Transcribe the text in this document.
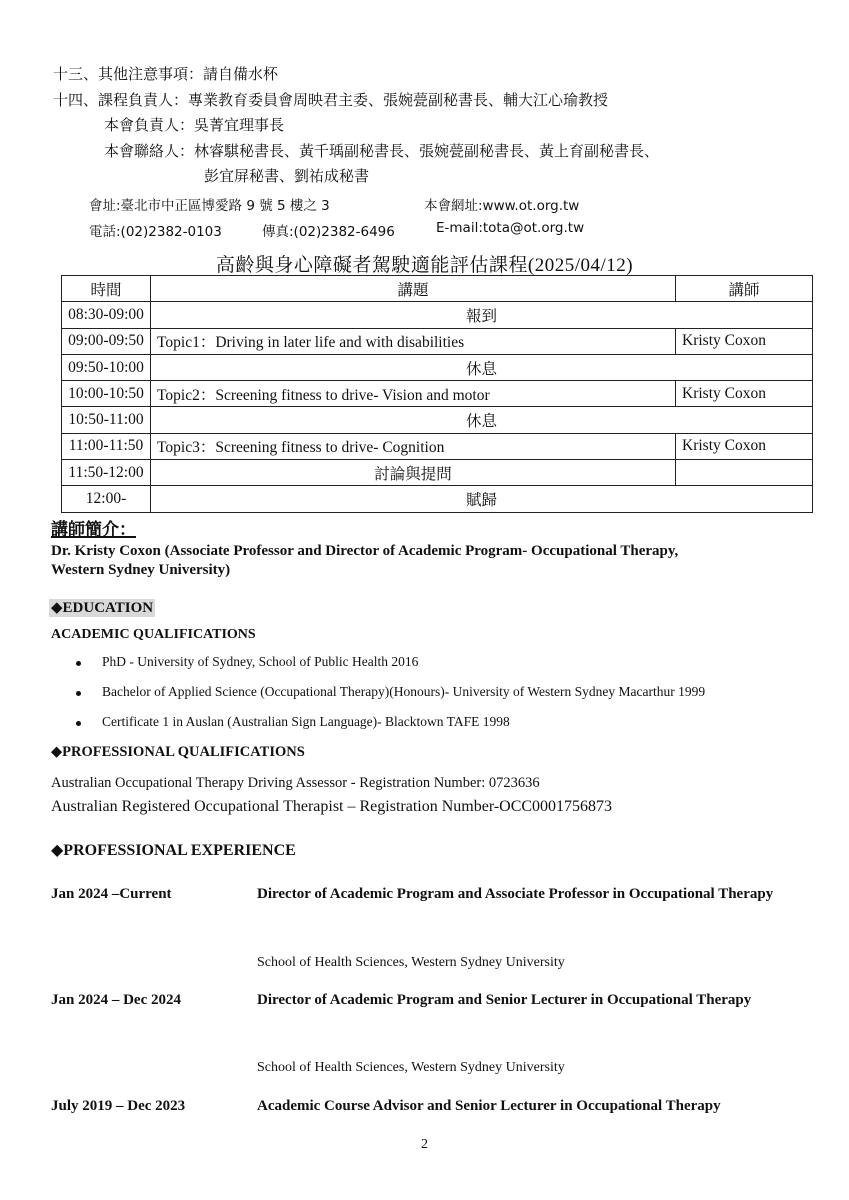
十三、其他注意事項：請自備水杯
十四、課程負責人：專業教育委員會周映君主委、張婉甍副秘書長、輔大江心瑜教授
本會負責人：吳菁宜理事長
本會聯絡人：林睿騏秘書長、黃千瑀副秘書長、張婉甍副秘書長、黃上育副秘書長、
彭宜屏秘書、劉祐成秘書
會址:臺北市中正區博愛路 9 號 5 樓之 3	本會網址:www.ot.org.tw
電話:(02)2382-0103	傳真:(02)2382-6496	E-mail:tota@ot.org.tw
高齡與身心障礙者駕駛適能評估課程(2025/04/12)
時間	講題	講師
08:30-09:00	報到	
09:00-09:50	Topic1：Driving in later life and with disabilities	Kristy Coxon
09:50-10:00	休息	
10:00-10:50	Topic2：Screening fitness to drive- Vision and motor	Kristy Coxon
10:50-11:00	休息	
11:00-11:50	Topic3：Screening fitness to drive- Cognition	Kristy Coxon
11:50-12:00	討論與提問	
12:00-	賦歸	
講師簡介：
Dr. Kristy Coxon (Associate Professor and Director of Academic Program- Occupational Therapy,
Western Sydney University)
◆EDUCATION
ACADEMIC QUALIFICATIONS
PhD - University of Sydney, School of Public Health 2016
Bachelor of Applied Science (Occupational Therapy)(Honours)- University of Western Sydney Macarthur 1999
Certificate 1 in Auslan (Australian Sign Language)- Blacktown TAFE 1998
◆PROFESSIONAL QUALIFICATIONS
Australian Occupational Therapy Driving Assessor - Registration Number: 0723636
Australian Registered Occupational Therapist – Registration Number-OCC0001756873
◆PROFESSIONAL EXPERIENCE
Jan 2024 –Current	Director of Academic Program and Associate Professor in Occupational Therapy
School of Health Sciences, Western Sydney University
Jan 2024 – Dec 2024	Director of Academic Program and Senior Lecturer in Occupational Therapy
School of Health Sciences, Western Sydney University
July 2019 – Dec 2023	Academic Course Advisor and Senior Lecturer in Occupational Therapy
2
